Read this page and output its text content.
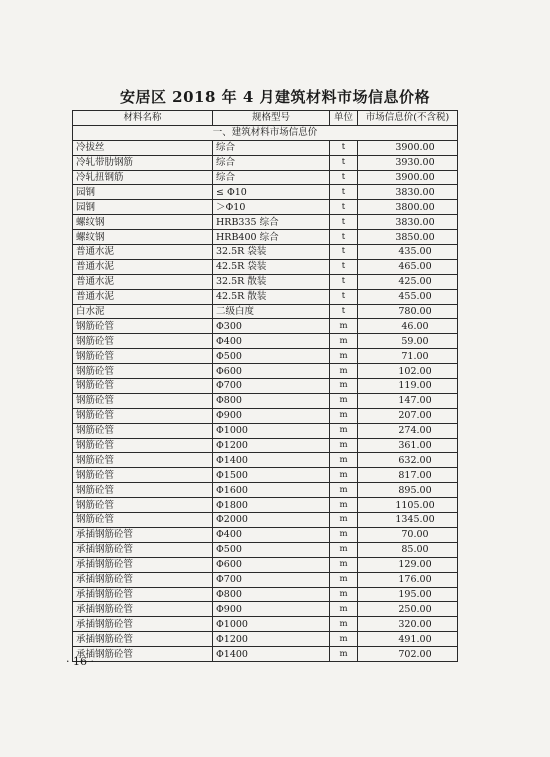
安居区 2018 年 4 月建筑材料市场信息价格
材料名称	规格型号	单位	市场信息价(不含税)
一、建筑材料市场信息价			
冷拔丝	综合	t	3900.00
冷轧带肋钢筋	综合	t	3930.00
冷轧扭钢筋	综合	t	3900.00
园钢	≤ Φ10	t	3830.00
园钢	＞Φ10	t	3800.00
螺纹钢	HRB335 综合	t	3830.00
螺纹钢	HRB400 综合	t	3850.00
普通水泥	32.5R 袋装	t	435.00
普通水泥	42.5R 袋装	t	465.00
普通水泥	32.5R 散装	t	425.00
普通水泥	42.5R 散装	t	455.00
白水泥	二级白度	t	780.00
钢筋砼管	Φ300	m	46.00
钢筋砼管	Φ400	m	59.00
钢筋砼管	Φ500	m	71.00
钢筋砼管	Φ600	m	102.00
钢筋砼管	Φ700	m	119.00
钢筋砼管	Φ800	m	147.00
钢筋砼管	Φ900	m	207.00
钢筋砼管	Φ1000	m	274.00
钢筋砼管	Φ1200	m	361.00
钢筋砼管	Φ1400	m	632.00
钢筋砼管	Φ1500	m	817.00
钢筋砼管	Φ1600	m	895.00
钢筋砼管	Φ1800	m	1105.00
钢筋砼管	Φ2000	m	1345.00
承插钢筋砼管	Φ400	m	70.00
承插钢筋砼管	Φ500	m	85.00
承插钢筋砼管	Φ600	m	129.00
承插钢筋砼管	Φ700	m	176.00
承插钢筋砼管	Φ800	m	195.00
承插钢筋砼管	Φ900	m	250.00
承插钢筋砼管	Φ1000	m	320.00
承插钢筋砼管	Φ1200	m	491.00
承插钢筋砼管	Φ1400	m	702.00
· 16 ·
